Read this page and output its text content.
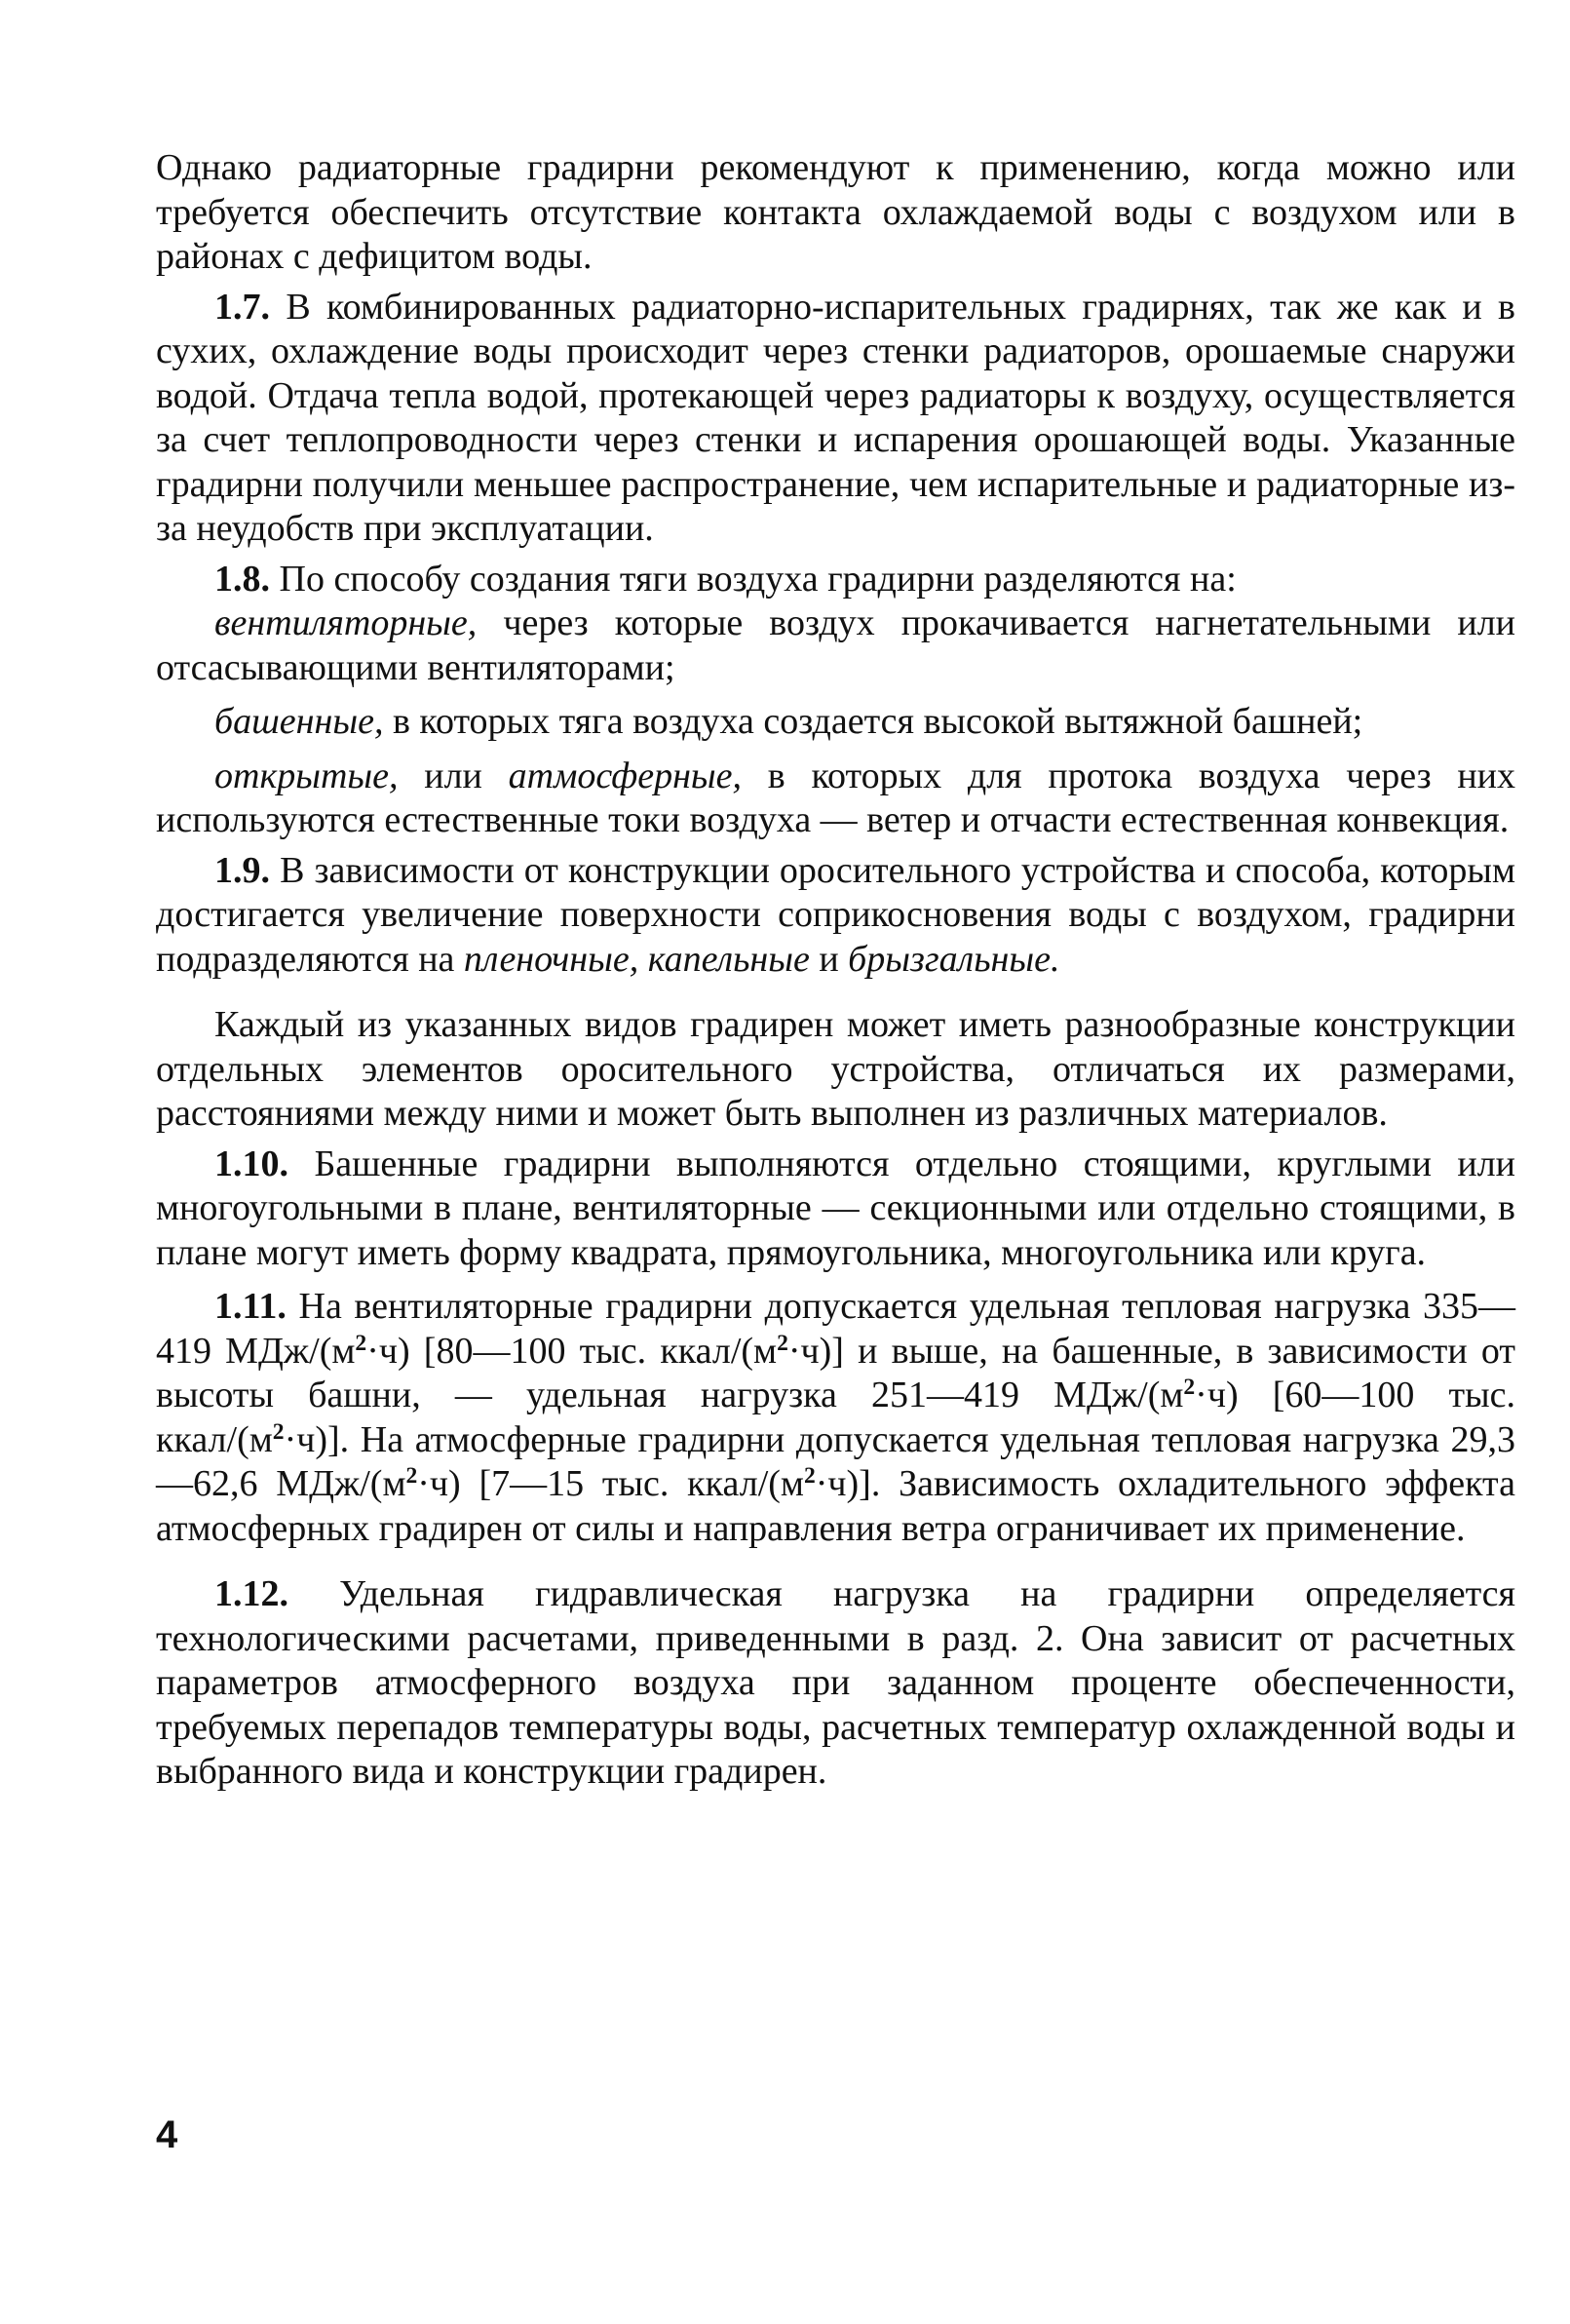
Однако радиаторные градирни рекомендуют к применению, когда можно или требуется обеспечить отсутствие контакта охлаждаемой воды с воздухом или в районах с дефицитом воды.

1.7. В комбинированных радиаторно-испарительных градирнях, так же как и в сухих, охлаждение воды происходит через стенки радиаторов, орошаемые снаружи водой. Отдача тепла водой, протекающей через радиаторы к воздуху, осуществляется за счет теплопроводности через стенки и испарения орошающей воды. Указанные градирни получили меньшее распространение, чем испарительные и радиаторные из-за неудобств при эксплуатации.

1.8. По способу создания тяги воздуха градирни разделяются на:

вентиляторные, через которые воздух прокачивается нагнетательными или отсасывающими вентиляторами;

башенные, в которых тяга воздуха создается высокой вытяжной башней;

открытые, или атмосферные, в которых для протока воздуха через них используются естественные токи воздуха — ветер и отчасти естественная конвекция.

1.9. В зависимости от конструкции оросительного устройства и способа, которым достигается увеличение поверхности соприкосновения воды с воздухом, градирни подразделяются на пленочные, капельные и брызгальные.

Каждый из указанных видов градирен может иметь разнообразные конструкции отдельных элементов оросительного устройства, отличаться их размерами, расстояниями между ними и может быть выполнен из различных материалов.

1.10. Башенные градирни выполняются отдельно стоящими, круглыми или многоугольными в плане, вентиляторные — секционными или отдельно стоящими, в плане могут иметь форму квадрата, прямоугольника, многоугольника или круга.

1.11. На вентиляторные градирни допускается удельная тепловая нагрузка 335—419 МДж/$(м^2\cdot ч)$ [80—100 тыс. ккал/$(м^2\cdot ч)$] и выше, на башенные, в зависимости от высоты башни, — удельная нагрузка 251—419 МДж/$(м^2\cdot ч)$ [60—100 тыс. ккал/$(м^2\cdot ч)$]. На атмосферные градирни допускается удельная тепловая нагрузка 29,3—62,6 МДж/$(м^2\cdot ч)$ [7—15 тыс. ккал/$(м^2\cdot ч)$]. Зависимость охладительного эффекта атмосферных градирен от силы и направления ветра ограничивает их применение.

1.12. Удельная гидравлическая нагрузка на градирни определяется технологическими расчетами, приведенными в разд. 2. Она зависит от расчетных параметров атмосферного воздуха при заданном проценте обеспеченности, требуемых перепадов температуры воды, расчетных температур охлажденной воды и выбранного вида и конструкции градирен.

4
